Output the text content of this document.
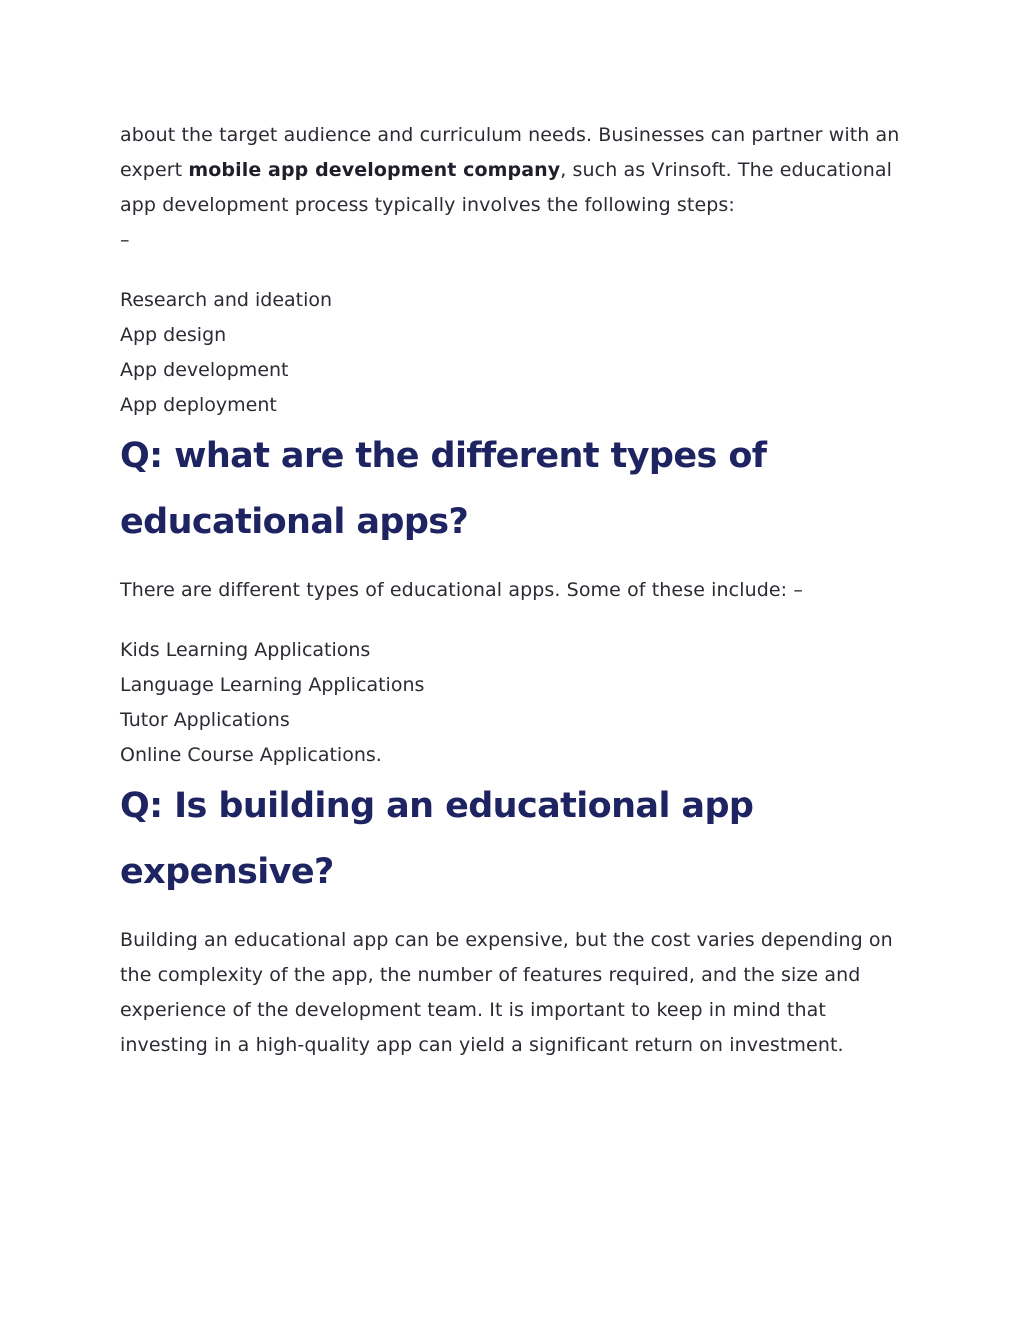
about the target audience and curriculum needs. Businesses can partner with an expert mobile app development company, such as Vrinsoft. The educational app development process typically involves the following steps:
–

Research and ideation
App design
App development
App deployment
Q: what are the different types of educational apps?

There are different types of educational apps. Some of these include: –

Kids Learning Applications
Language Learning Applications
Tutor Applications
Online Course Applications.
Q: Is building an educational app expensive?

Building an educational app can be expensive, but the cost varies depending on the complexity of the app, the number of features required, and the size and experience of the development team. It is important to keep in mind that investing in a high-quality app can yield a significant return on investment.
